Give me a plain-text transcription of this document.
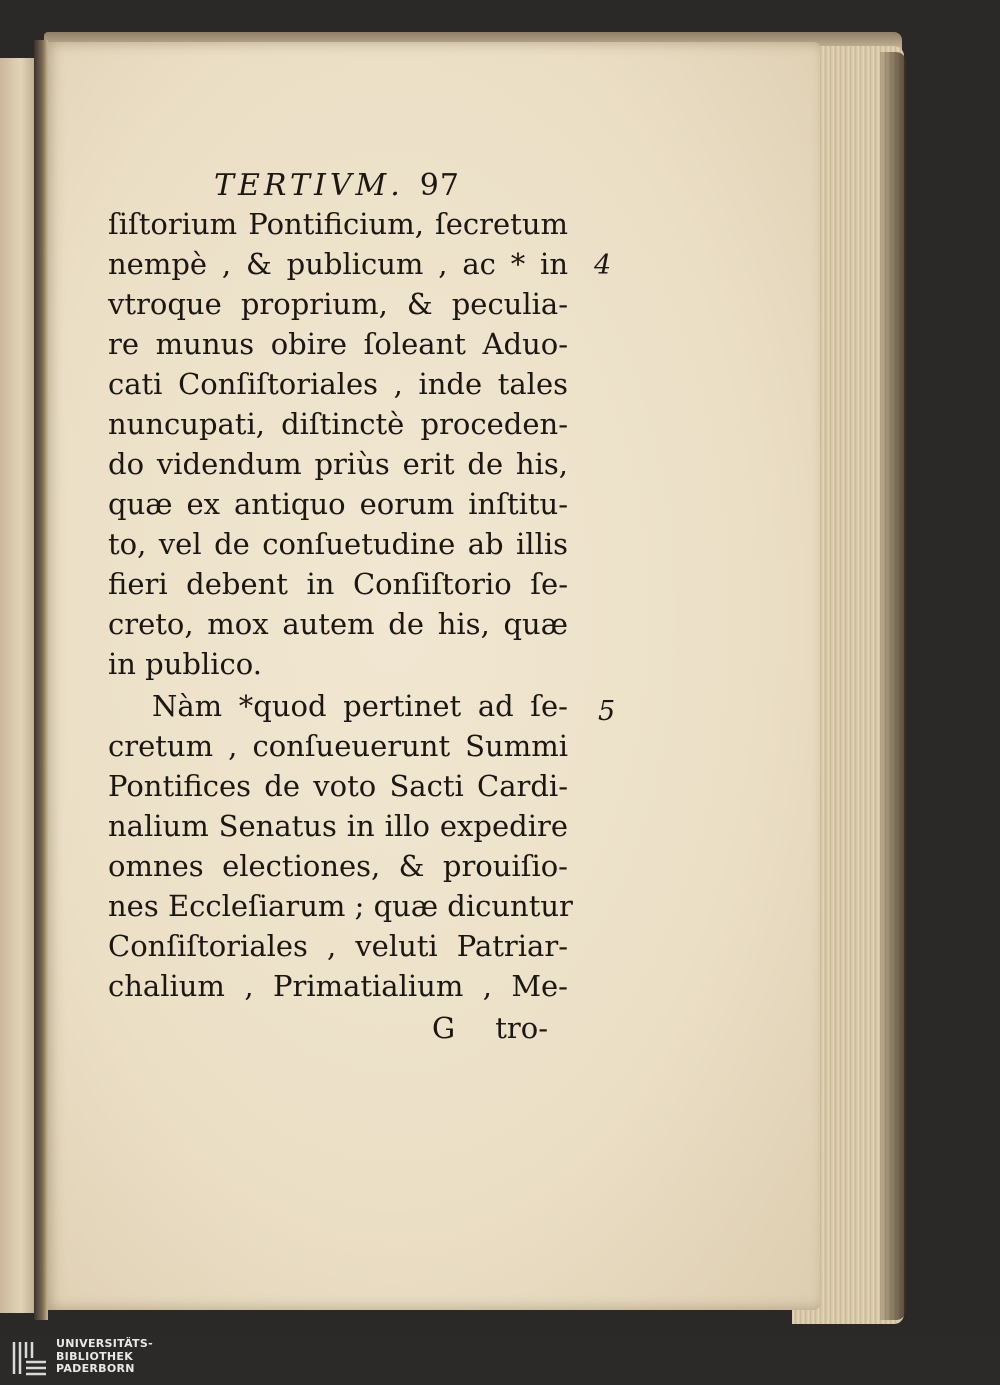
TERTIVM. 97
ſiſtorium Pontificium, ſecretum
nempè , & publicum , ac * in
vtroque proprium, & peculia-
re munus obire ſoleant Aduo-
cati Conſiſtoriales , inde tales
nuncupati, diſtinctè proceden-
do videndum priùs erit de his,
quæ ex antiquo eorum inſtitu-
to, vel de conſuetudine ab illis
fieri debent in Conſiſtorio ſe-
creto, mox autem de his, quæ
in publico.
Nàm *quod pertinet ad ſe-
cretum , conſueuerunt Summi
Pontifices de voto Sacti Cardi-
nalium Senatus in illo expedire
omnes electiones, & prouiſio-
nes Eccleſiarum ; quæ dicuntur
Conſiſtoriales , veluti Patriar-
chalium , Primatialium , Me-
G tro-
4
5
UNIVERSITÄTS-
BIBLIOTHEK
PADERBORN
